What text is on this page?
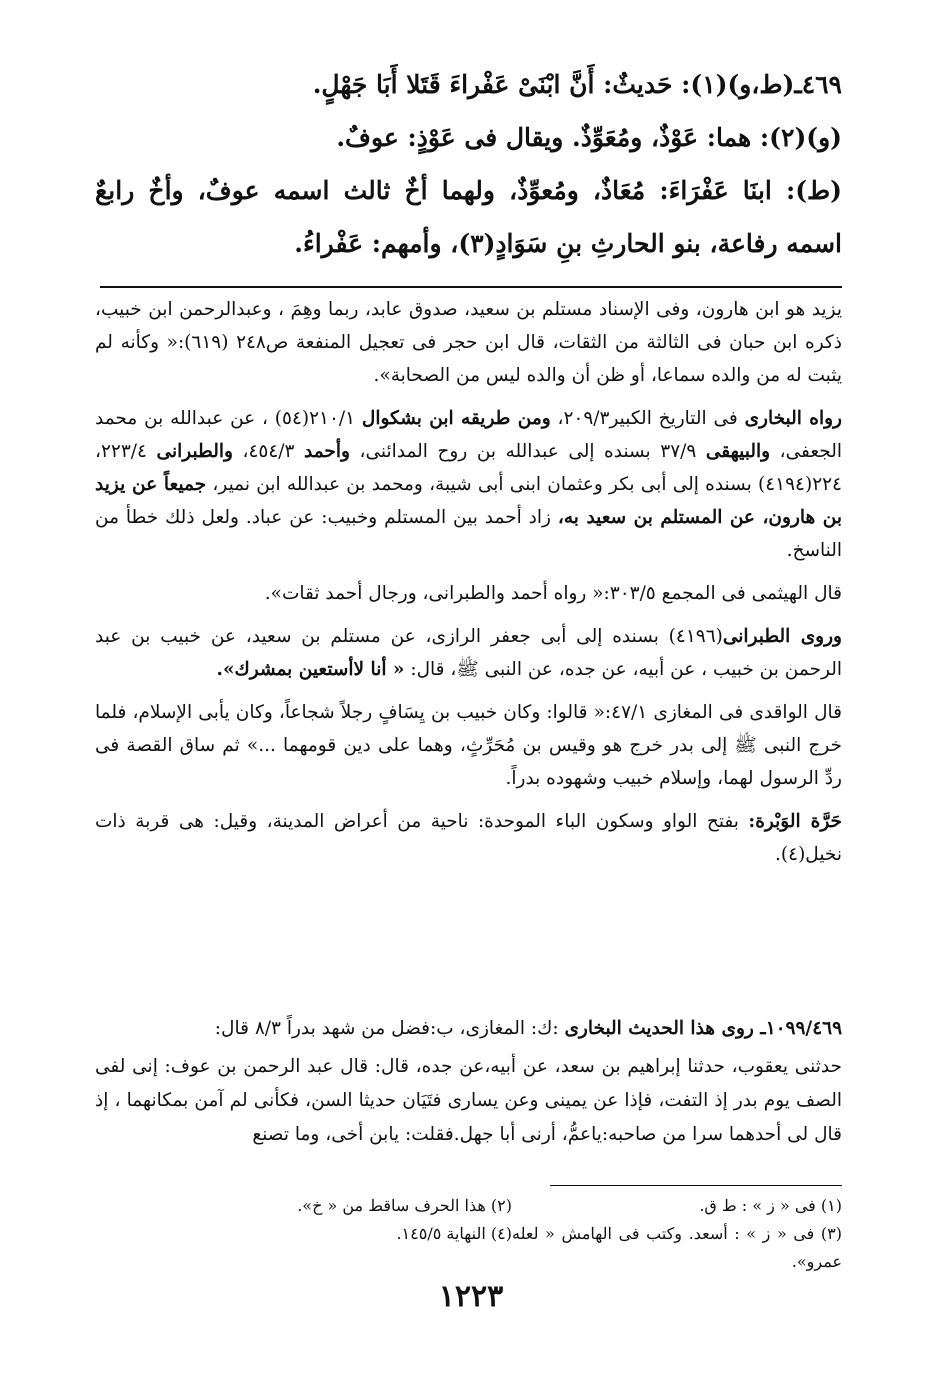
٤٦٩ـ(ط،و)(١): حَديثٌ: أَنَّ ابْنَىْ عَفْراءَ قَتَلا أَبَا جَهْلٍ.

(و)(٢): هما: عَوْذٌ، ومُعَوِّذٌ. ويقال فى عَوْذٍ: عوفٌ.

(ط): ابنَا عَفْرَاءَ: مُعَاذٌ، ومُعوِّذٌ، ولهما أخٌ ثالث اسمه عوفٌ، وأخٌ رابعٌ اسمه رفاعة، بنو الحارثِ بنِ سَوَادٍ(٣)، وأمهم: عَفْراءُ.

يزيد هو ابن هارون، وفى الإسناد مستلم بن سعيد، صدوق عابد، ربما وهِمَ ، وعبدالرحمن ابن خبيب، ذكره ابن حبان فى الثالثة من الثقات، قال ابن حجر فى تعجيل المنفعة ص٢٤٨ (٦١٩):« وكأنه لم يثبت له من والده سماعا، أو ظن أن والده ليس من الصحابة».

رواه البخارى فى التاريخ الكبير٢٠٩/٣، ومن طريقه ابن بشكوال ٢١٠/١(٥٤) ، عن عبدالله بن محمد الجعفى، والبيهقى ٣٧/٩ بسنده إلى عبدالله بن روح المدائنى، وأحمد ٤٥٤/٣، والطبرانى ٢٢٣/٤، ٢٢٤(٤١٩٤) بسنده إلى أبى بكر وعثمان ابنى أبى شيبة، ومحمد بن عبدالله ابن نمير، جميعاً عن يزيد بن هارون، عن المستلم بن سعيد به، زاد أحمد بين المستلم وخبيب: عن عباد. ولعل ذلك خطأ من الناسخ.

قال الهيثمى فى المجمع ٣٠٣/٥:« رواه أحمد والطبرانى، ورجال أحمد ثقات».

وروى الطبرانى(٤١٩٦) بسنده إلى أبى جعفر الرازى، عن مستلم بن سعيد، عن خبيب بن عبد الرحمن بن خبيب ، عن أبيه، عن جده، عن النبى ﷺ، قال: « أنا لاأستعين بمشرك».

قال الواقدى فى المغازى ٤٧/١:« قالوا: وكان خبيب بن يِسَافٍ رجلاً شجاعاً، وكان يأبى الإسلام، فلما خرج النبى ﷺ إلى بدر خرج هو وقيس بن مُحَرِّثٍ، وهما على دين قومهما ...» ثم ساق القصة فى ردِّ الرسول لهما، وإسلام خبيب وشهوده بدراً.

حَرَّة الوَبْرة: بفتح الواو وسكون الباء الموحدة: ناحية من أعراض المدينة، وقيل: هى قربة ذات نخيل(٤).

١٠٩٩/٤٦٩ـ روى هذا الحديث البخارى :ك: المغازى، ب:فضل من شهد بدراً ٨/٣ قال:

حدثنى يعقوب، حدثنا إبراهيم بن سعد، عن أبيه،عن جده، قال: قال عبد الرحمن بن عوف: إنى لفى الصف يوم بدر إذ التفت، فإذا عن يمينى وعن يسارى فتَيَان حديثا السن، فكأنى لم آمن بمكانهما ، إذ قال لى أحدهما سرا من صاحبه:ياعمُّ، أرنى أبا جهل.فقلت: يابن أخى، وما تصنع

(١) فى « ز » : ط ق.
(٢) هذا الحرف ساقط من « خ».
(٣) فى « ز » : أسعد. وكتب فى الهامش « لعله عمرو».
(٤) النهاية ١٤٥/٥.
١٢٢٣
